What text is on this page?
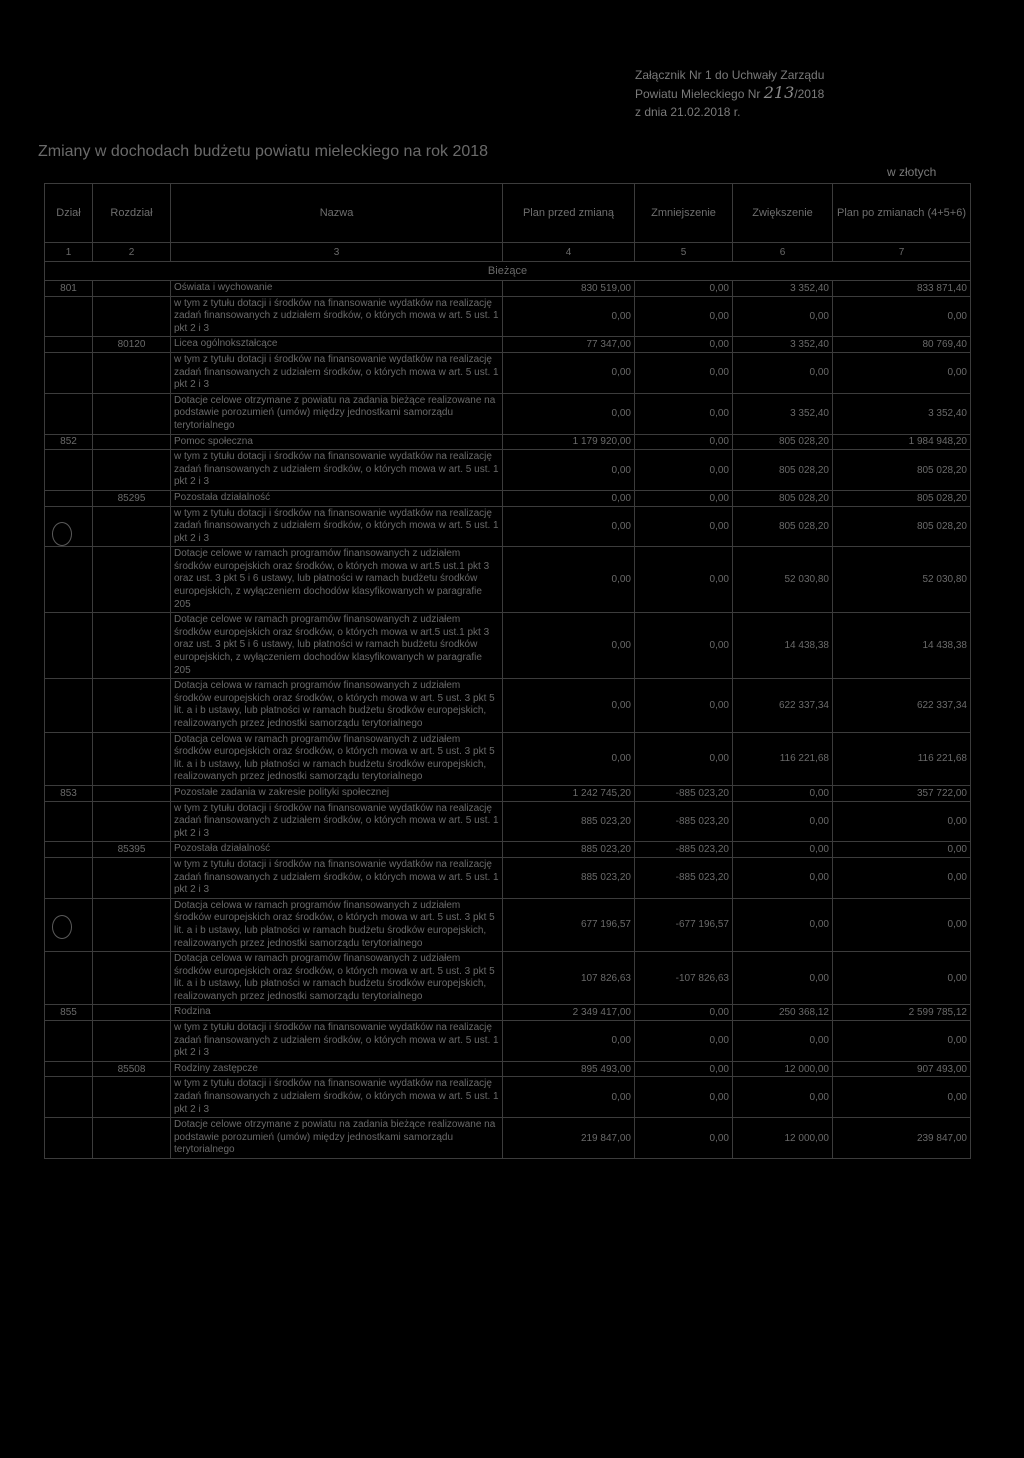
Załącznik Nr 1 do Uchwały Zarządu
Powiatu Mieleckiego Nr 213/2018
z dnia 21.02.2018 r.
Zmiany w dochodach budżetu powiatu mieleckiego na rok 2018
w złotych
Dział	Rozdział	Nazwa	Plan przed zmianą	Zmniejszenie	Zwiększenie	Plan po zmianach (4+5+6)
1	2	3	4	5	6	7
Bieżące						
801		Oświata i wychowanie	830 519,00	0,00	3 352,40	833 871,40
		w tym z tytułu dotacji i środków na finansowanie wydatków na realizację zadań finansowanych z udziałem środków, o których mowa w art. 5 ust. 1 pkt 2 i 3	0,00	0,00	0,00	0,00
	80120	Licea ogólnokształcące	77 347,00	0,00	3 352,40	80 769,40
		w tym z tytułu dotacji i środków na finansowanie wydatków na realizację zadań finansowanych z udziałem środków, o których mowa w art. 5 ust. 1 pkt 2 i 3	0,00	0,00	0,00	0,00
		Dotacje celowe otrzymane z powiatu na zadania bieżące realizowane na podstawie porozumień (umów) między jednostkami samorządu terytorialnego	0,00	0,00	3 352,40	3 352,40
852		Pomoc społeczna	1 179 920,00	0,00	805 028,20	1 984 948,20
		w tym z tytułu dotacji i środków na finansowanie wydatków na realizację zadań finansowanych z udziałem środków, o których mowa w art. 5 ust. 1 pkt 2 i 3	0,00	0,00	805 028,20	805 028,20
	85295	Pozostała działalność	0,00	0,00	805 028,20	805 028,20
		w tym z tytułu dotacji i środków na finansowanie wydatków na realizację zadań finansowanych z udziałem środków, o których mowa w art. 5 ust. 1 pkt 2 i 3	0,00	0,00	805 028,20	805 028,20
		Dotacje celowe w ramach programów finansowanych z udziałem środków europejskich oraz środków, o których mowa w art.5 ust.1 pkt 3 oraz ust. 3 pkt 5 i 6 ustawy, lub płatności w ramach budżetu środków europejskich, z wyłączeniem dochodów klasyfikowanych w paragrafie 205	0,00	0,00	52 030,80	52 030,80
		Dotacje celowe w ramach programów finansowanych z udziałem środków europejskich oraz środków, o których mowa w art.5 ust.1 pkt 3 oraz ust. 3 pkt 5 i 6 ustawy, lub płatności w ramach budżetu środków europejskich, z wyłączeniem dochodów klasyfikowanych w paragrafie 205	0,00	0,00	14 438,38	14 438,38
		Dotacja celowa w ramach programów finansowanych z udziałem środków europejskich oraz środków, o których mowa w art. 5 ust. 3 pkt 5 lit. a i b ustawy, lub płatności w ramach budżetu środków europejskich, realizowanych przez jednostki samorządu terytorialnego	0,00	0,00	622 337,34	622 337,34
		Dotacja celowa w ramach programów finansowanych z udziałem środków europejskich oraz środków, o których mowa w art. 5 ust. 3 pkt 5 lit. a i b ustawy, lub płatności w ramach budżetu środków europejskich, realizowanych przez jednostki samorządu terytorialnego	0,00	0,00	116 221,68	116 221,68
853		Pozostałe zadania w zakresie polityki społecznej	1 242 745,20	-885 023,20	0,00	357 722,00
		w tym z tytułu dotacji i środków na finansowanie wydatków na realizację zadań finansowanych z udziałem środków, o których mowa w art. 5 ust. 1 pkt 2 i 3	885 023,20	-885 023,20	0,00	0,00
	85395	Pozostała działalność	885 023,20	-885 023,20	0,00	0,00
		w tym z tytułu dotacji i środków na finansowanie wydatków na realizację zadań finansowanych z udziałem środków, o których mowa w art. 5 ust. 1 pkt 2 i 3	885 023,20	-885 023,20	0,00	0,00
		Dotacja celowa w ramach programów finansowanych z udziałem środków europejskich oraz środków, o których mowa w art. 5 ust. 3 pkt 5 lit. a i b ustawy, lub płatności w ramach budżetu środków europejskich, realizowanych przez jednostki samorządu terytorialnego	677 196,57	-677 196,57	0,00	0,00
		Dotacja celowa w ramach programów finansowanych z udziałem środków europejskich oraz środków, o których mowa w art. 5 ust. 3 pkt 5 lit. a i b ustawy, lub płatności w ramach budżetu środków europejskich, realizowanych przez jednostki samorządu terytorialnego	107 826,63	-107 826,63	0,00	0,00
855		Rodzina	2 349 417,00	0,00	250 368,12	2 599 785,12
		w tym z tytułu dotacji i środków na finansowanie wydatków na realizację zadań finansowanych z udziałem środków, o których mowa w art. 5 ust. 1 pkt 2 i 3	0,00	0,00	0,00	0,00
	85508	Rodziny zastępcze	895 493,00	0,00	12 000,00	907 493,00
		w tym z tytułu dotacji i środków na finansowanie wydatków na realizację zadań finansowanych z udziałem środków, o których mowa w art. 5 ust. 1 pkt 2 i 3	0,00	0,00	0,00	0,00
		Dotacje celowe otrzymane z powiatu na zadania bieżące realizowane na podstawie porozumień (umów) między jednostkami samorządu terytorialnego	219 847,00	0,00	12 000,00	239 847,00
